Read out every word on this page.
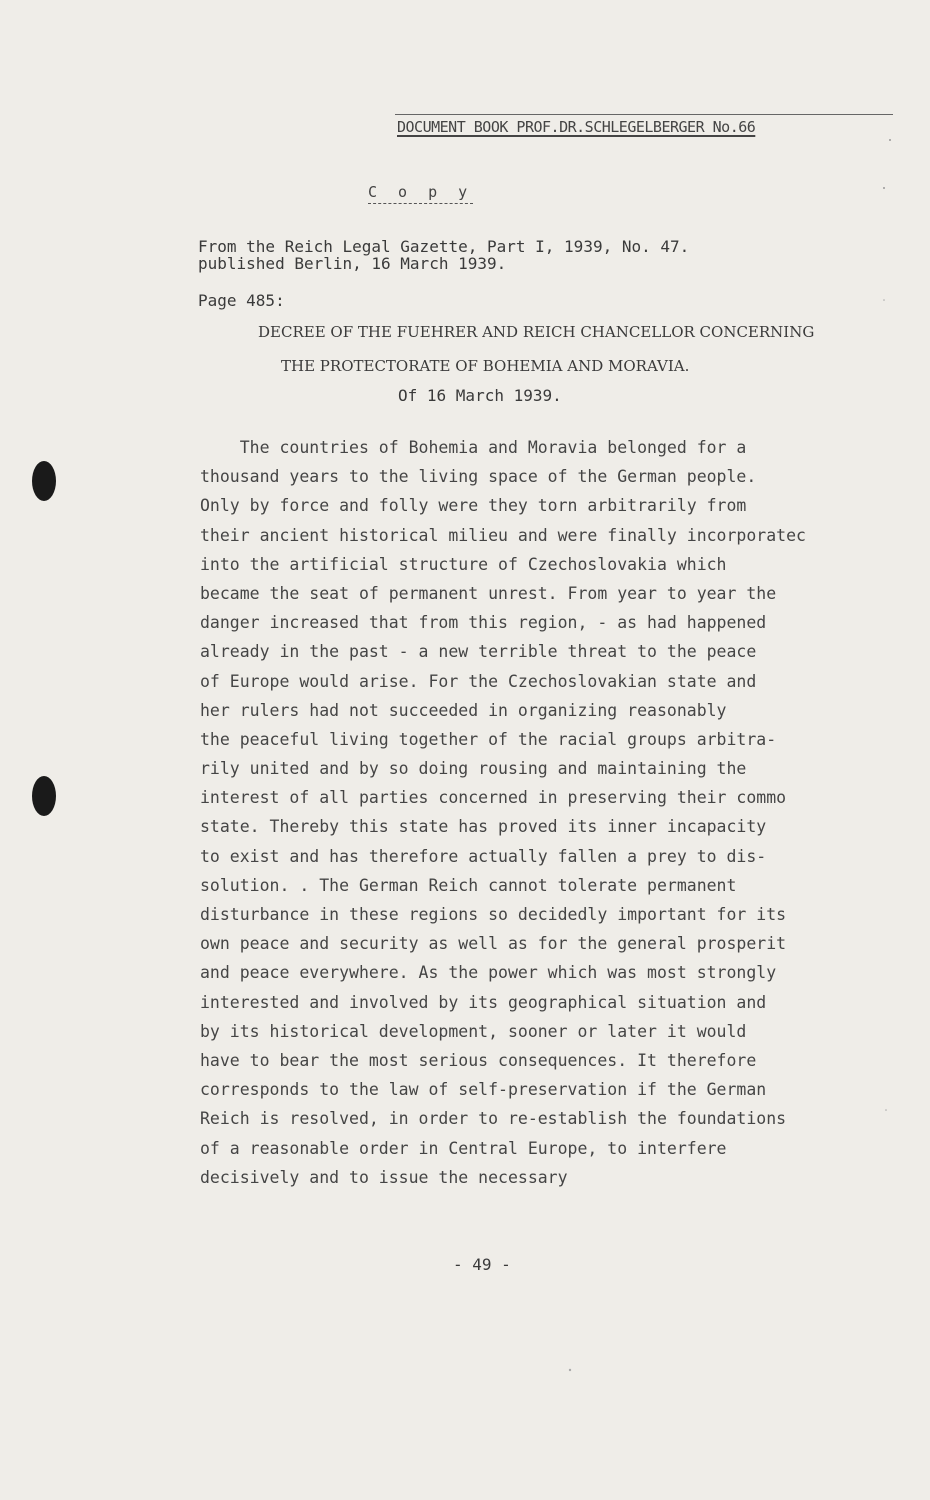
DOCUMENT BOOK PROF.DR.SCHLEGELBERGER No.66
C o p y
From the Reich Legal Gazette, Part I, 1939, No. 47.
published Berlin, 16 March 1939.
Page 485:
DECREE OF THE FUEHRER AND REICH CHANCELLOR CONCERNING
THE PROTECTORATE OF BOHEMIA AND MORAVIA.
Of 16 March 1939.
The countries of Bohemia and Moravia belonged for a
thousand years to the living space of the German people.
Only by force and folly were they torn arbitrarily from
their ancient historical milieu and were finally incorporatec
into the artificial structure of Czechoslovakia which
became the seat of permanent unrest. From year to year the
danger increased that from this region, - as had happened
already in the past - a new terrible threat to the peace
of Europe would arise. For the Czechoslovakian state and
her rulers had not succeeded in organizing reasonably
the peaceful living together of the racial groups arbitra-
rily united and by so doing rousing and maintaining the
interest of all parties concerned in preserving their commo
state. Thereby this state has proved its inner incapacity
to exist and has therefore actually fallen a prey to dis-
solution. . The German Reich cannot tolerate permanent
disturbance in these regions so decidedly important for its
own peace and security as well as for the general prosperit
and peace everywhere. As the power which was most strongly
interested and involved by its geographical situation and
by its historical development, sooner or later it would
have to bear the most serious consequences. It therefore
corresponds to the law of self-preservation if the German
Reich is resolved, in order to re-establish the foundations
of a reasonable order in Central Europe, to interfere
decisively and to issue the necessary
- 49 -
